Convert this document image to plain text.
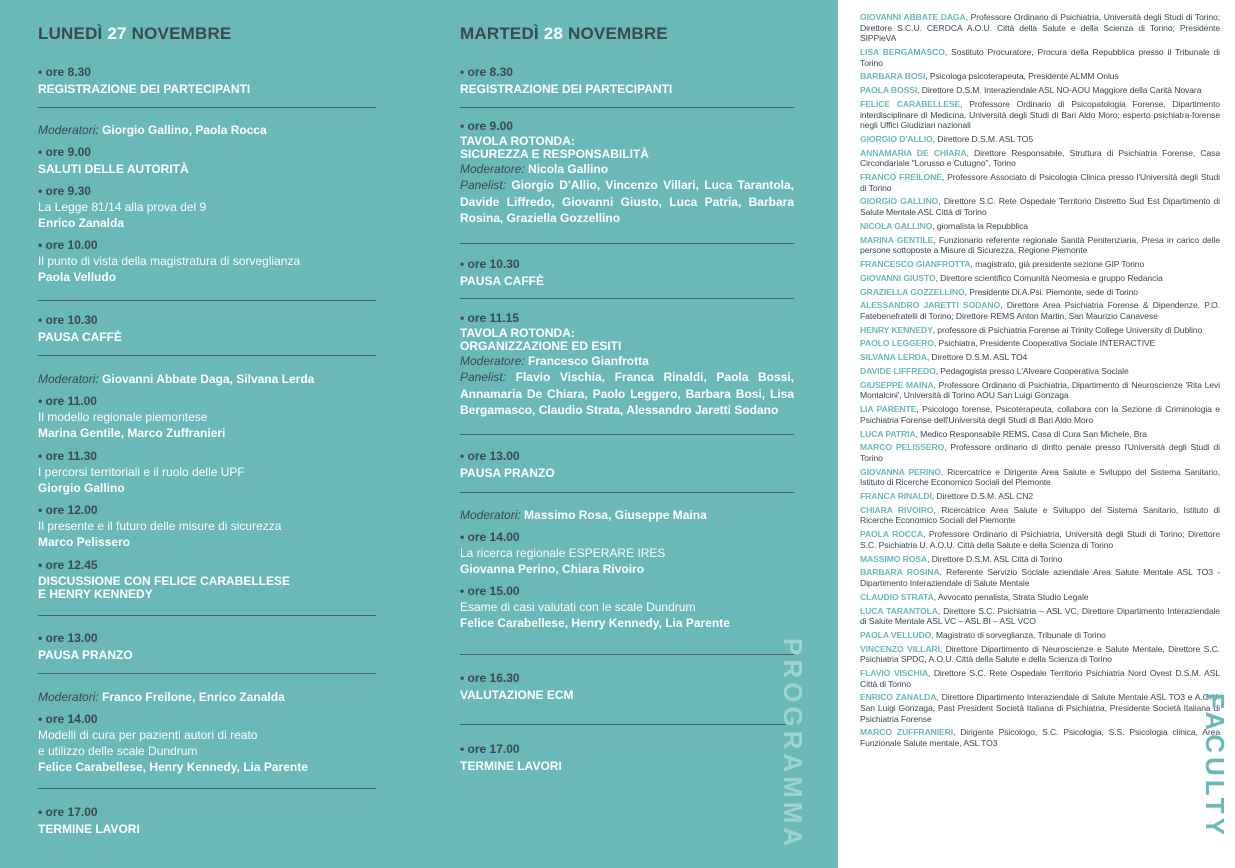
LUNEDÌ 27 NOVEMBRE
• ore 8.30
REGISTRAZIONE DEI PARTECIPANTI
Moderatori: Giorgio Gallino, Paola Rocca
• ore 9.00
SALUTI DELLE AUTORITÀ
• ore 9.30
La Legge 81/14 alla prova del 9
Enrico Zanalda
• ore 10.00
Il punto di vista della magistratura di sorveglianza
Paola Velludo
• ore 10.30
PAUSA CAFFÈ
Moderatori: Giovanni Abbate Daga, Silvana Lerda
• ore 11.00
Il modello regionale piemontese
Marina Gentile, Marco Zuffranieri
• ore 11.30
I percorsi territoriali e il ruolo delle UPF
Giorgio Gallino
• ore 12.00
Il presente e il futuro delle misure di sicurezza
Marco Pelissero
• ore 12.45
DISCUSSIONE CON FELICE CARABELLESE
E HENRY KENNEDY
• ore 13.00
PAUSA PRANZO
Moderatori: Franco Freilone, Enrico Zanalda
• ore 14.00
Modelli di cura per pazienti autori di reato
e utilizzo delle scale Dundrum
Felice Carabellese, Henry Kennedy, Lia Parente
• ore 17.00
TERMINE LAVORI
MARTEDÌ 28 NOVEMBRE
• ore 8.30
REGISTRAZIONE DEI PARTECIPANTI
• ore 9.00
TAVOLA ROTONDA:
SICUREZZA E RESPONSABILITÀ
Moderatore: Nicola Gallino
Panelist: Giorgio D'Allio, Vincenzo Villari, Luca Tarantola, Davide Liffredo, Giovanni Giusto, Luca Patria, Barbara Rosina, Graziella Gozzellino
• ore 10.30
PAUSA CAFFÈ
• ore 11.15
TAVOLA ROTONDA:
ORGANIZZAZIONE ED ESITI
Moderatore: Francesco Gianfrotta
Panelist: Flavio Vischia, Franca Rinaldi, Paola Bossi, Annamaria De Chiara, Paolo Leggero, Barbara Bosi, Lisa Bergamasco, Claudio Strata, Alessandro Jaretti Sodano
• ore 13.00
PAUSA PRANZO
Moderatori: Massimo Rosa, Giuseppe Maina
• ore 14.00
La ricerca regionale ESPERARE IRES
Giovanna Perino, Chiara Rivoiro
• ore 15.00
Esame di casi valutati con le scale Dundrum
Felice Carabellese, Henry Kennedy, Lia Parente
• ore 16.30
VALUTAZIONE ECM
• ore 17.00
TERMINE LAVORI	PROGRAMMA
GIOVANNI ABBATE DAGA, Professore Ordinario di Psichiatria, Università degli Studi di Torino; Direttore S.C.U. CERDCA A.O.U. Città della Salute e della Scienza di Torino; Presidente SIPPieVA
LISA BERGAMASCO, Sostituto Procuratore, Procura della Repubblica presso il Tribunale di Torino
BARBARA BOSI, Psicologa psicoterapeuta, Presidente ALMM Onlus
PAOLA BOSSI, Direttore D.S.M. Interaziendale ASL NO-AOU Maggiore della Carità Novara
FELICE CARABELLESE, Professore Ordinario di Psicopatologia Forense, Dipartimento interdisciplinare di Medicina, Università degli Studi di Bari Aldo Moro; esperto psichiatra-forense negli Uffici Giudiziari nazionali
GIORGIO D'ALLIO, Direttore D.S.M. ASL TO5
ANNAMARIA DE CHIARA, Direttore Responsabile, Struttura di Psichiatria Forense, Casa Circondariale "Lorusso e Cutugno", Torino
FRANCO FREILONE, Professore Associato di Psicologia Clinica presso l'Università degli Studi di Torino
GIORGIO GALLINO, Direttore S.C. Rete Ospedale Territorio Distretto Sud Est Dipartimento di Salute Mentale ASL Città di Torino
NICOLA GALLINO, giornalista la Repubblica
MARINA GENTILE, Funzionario referente regionale Sanità Penitenziaria, Presa in carico delle persone sottoposte a Misure di Sicurezza, Regione Piemonte
FRANCESCO GIANFROTTA, magistrato, già presidente sezione GIP Torino
GIOVANNI GIUSTO, Direttore scientifico Comunità Neomesia e gruppo Redancia
GRAZIELLA GOZZELLINO, Presidente Di.A.Psi. Piemonte, sede di Torino
ALESSANDRO JARETTI SODANO, Direttore Area Psichiatria Forense & Dipendenze, P.O. Fatebenefratelli di Torino; Direttore REMS Anton Martin, San Maurizio Canavese
HENRY KENNEDY, professore di Psichiatria Forense al Trinity College University di Dublino
PAOLO LEGGERO, Psichiatra, Presidente Cooperativa Sociale INTERACTIVE
SILVANA LERDA, Direttore D.S.M. ASL TO4
DAVIDE LIFFREDO, Pedagogista presso L'Alveare Cooperativa Sociale
GIUSEPPE MAINA, Professore Ordinario di Psichiatria, Dipartimento di Neuroscienze 'Rita Levi Montalcini', Università di Torino AOU San Luigi Gonzaga
LIA PARENTE, Psicologo forense, Psicoterapeuta, collabora con la Sezione di Criminologia e Psichiatria Forense dell'Università degli Studi di Bari Aldo Moro
LUCA PATRIA, Medico Responsabile REMS, Casa di Cura San Michele, Bra
MARCO PELISSERO, Professore ordinario di diritto penale presso l'Università degli Studi di Torino
GIOVANNA PERINO, Ricercatrice e Dirigente Area Salute e Sviluppo del Sistema Sanitario, Istituto di Ricerche Economico Sociali del Piemonte
FRANCA RINALDI, Direttore D.S.M. ASL CN2
CHIARA RIVOIRO, Ricercatrice Area Salute e Sviluppo del Sistema Sanitario, Istituto di Ricerche Economico Sociali del Piemonte
PAOLA ROCCA, Professore Ordinario di Psichiatria, Università degli Studi di Torino; Direttore S.C. Psichiatria U. A.O.U. Città della Salute e della Scienza di Torino
MASSIMO ROSA, Direttore D.S.M. ASL Città di Torino
BARBARA ROSINA, Referente Servizio Sociale aziendale Area Salute Mentale ASL TO3 - Dipartimento Interaziendale di Salute Mentale
CLAUDIO STRATA, Avvocato penalista, Strata Studio Legale
LUCA TARANTOLA, Direttore S.C. Psichiatria – ASL VC, Direttore Dipartimento Interaziendale di Salute Mentale ASL VC – ASL BI – ASL VCO
PAOLA VELLUDO, Magistrato di sorveglianza, Tribunale di Torino
VINCENZO VILLARI, Direttore Dipartimento di Neuroscienze e Salute Mentale, Direttore S.C. Psichiatria SPDC, A.O.U. Città della Salute e della Scienza di Torino
FLAVIO VISCHIA, Direttore S.C. Rete Ospedale Territorio Psichiatria Nord Ovest D.S.M. ASL Città di Torino
ENRICO ZANALDA, Direttore Dipartimento Interaziendale di Salute Mentale ASL TO3 e A.O.U. San Luigi Gonzaga, Past President Società Italiana di Psichiatria, Presidente Società Italiana di Psichiatria Forense
MARCO ZUFFRANIERI, Dirigente Psicologo, S.C. Psicologia, S.S. Psicologia clinica, Area Funzionale Salute mentale, ASL TO3	FACULTY
